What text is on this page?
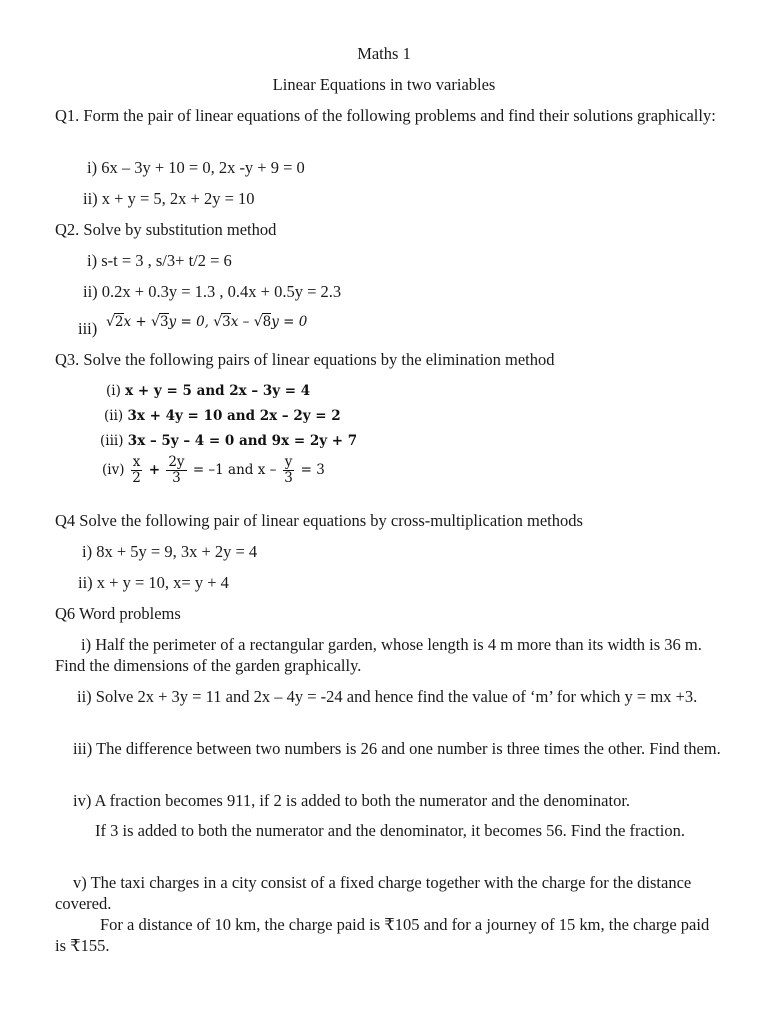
Maths 1
Linear Equations in two variables
Q1. Form the pair of linear equations of the following problems and find their solutions graphically:
i) 6x – 3y + 10 = 0, 2x -y + 9 = 0
ii) x + y = 5, 2x + 2y = 10
Q2. Solve by substitution method
i) s-t = 3 , s/3+ t/2 = 6
ii) 0.2x + 0.3y = 1.3 , 0.4x + 0.5y = 2.3
iii) √2x + √3y = 0, √3x – √8y = 0
Q3. Solve the following pairs of linear equations by the elimination method
(i) x + y = 5 and 2x – 3y = 4
(ii) 3x + 4y = 10 and 2x – 2y = 2
(iii) 3x – 5y – 4 = 0 and 9x = 2y + 7
$(iv) \frac{x}{2} + \frac{2y}{3} = -1$ and $x - \frac{y}{3} = 3$
Q4 Solve the following pair of linear equations by cross-multiplication methods
i) 8x + 5y = 9, 3x + 2y = 4
ii) x + y = 10, x= y + 4
Q6 Word problems
i) Half the perimeter of a rectangular garden, whose length is 4 m more than its width is 36 m. Find the dimensions of the garden graphically.
ii) Solve 2x + 3y = 11 and 2x – 4y = -24 and hence find the value of ‘m’ for which y = mx +3.
iii) The difference between two numbers is 26 and one number is three times the other. Find them.
iv) A fraction becomes 911, if 2 is added to both the numerator and the denominator.
If 3 is added to both the numerator and the denominator, it becomes 56. Find the fraction.
v) The taxi charges in a city consist of a fixed charge together with the charge for the distance covered.
For a distance of 10 km, the charge paid is ₹105 and for a journey of 15 km, the charge paid is ₹155.
